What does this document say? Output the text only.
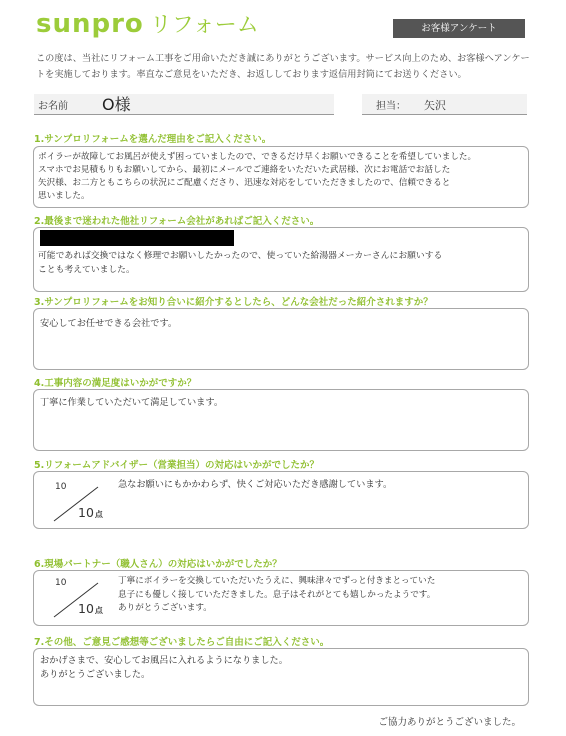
sunpro リフォーム	お客様アンケート
この度は、当社にリフォーム工事をご用命いただき誠にありがとうございます。サービス向上のため、お客様へアンケー
トを実施しております。率直なご意見をいただき、お返ししております返信用封筒にてお送りください。
お名前 O様	担当： 矢沢
1.サンプロリフォームを選んだ理由をご記入ください。
ボイラーが故障してお風呂が使えず困っていましたので、できるだけ早くお願いできることを希望していました。
スマホでお見積もりもお願いしてから、最初にメールでご連絡をいただいた武居様、次にお電話でお話した
矢沢様、お二方ともこちらの状況にご配慮くださり、迅速な対応をしていただきましたので、信頼できると
思いました。
2.最後まで迷われた他社リフォーム会社があればご記入ください。
可能であれば交換ではなく修理でお願いしたかったので、使っていた給湯器メーカーさんにお願いする
ことも考えていました。
3.サンプロリフォームをお知り合いに紹介するとしたら、どんな会社だった紹介されますか？
安心してお任せできる会社です。
4.工事内容の満足度はいかがですか？
丁寧に作業していただいて満足しています。
5.リフォームアドバイザー（営業担当）の対応はいかがでしたか？
10
10点
急なお願いにもかかわらず、快くご対応いただき感謝しています。
6.現場パートナー（職人さん）の対応はいかがでしたか？
10
10点
丁寧にボイラーを交換していただいたうえに、興味津々でずっと付きまとっていた
息子にも優しく接していただきました。息子はそれがとても嬉しかったようです。
ありがとうございます。
7.その他、ご意見ご感想等ございましたらご自由にご記入ください。
おかげさまで、安心してお風呂に入れるようになりました。
ありがとうございました。
ご協力ありがとうございました。
